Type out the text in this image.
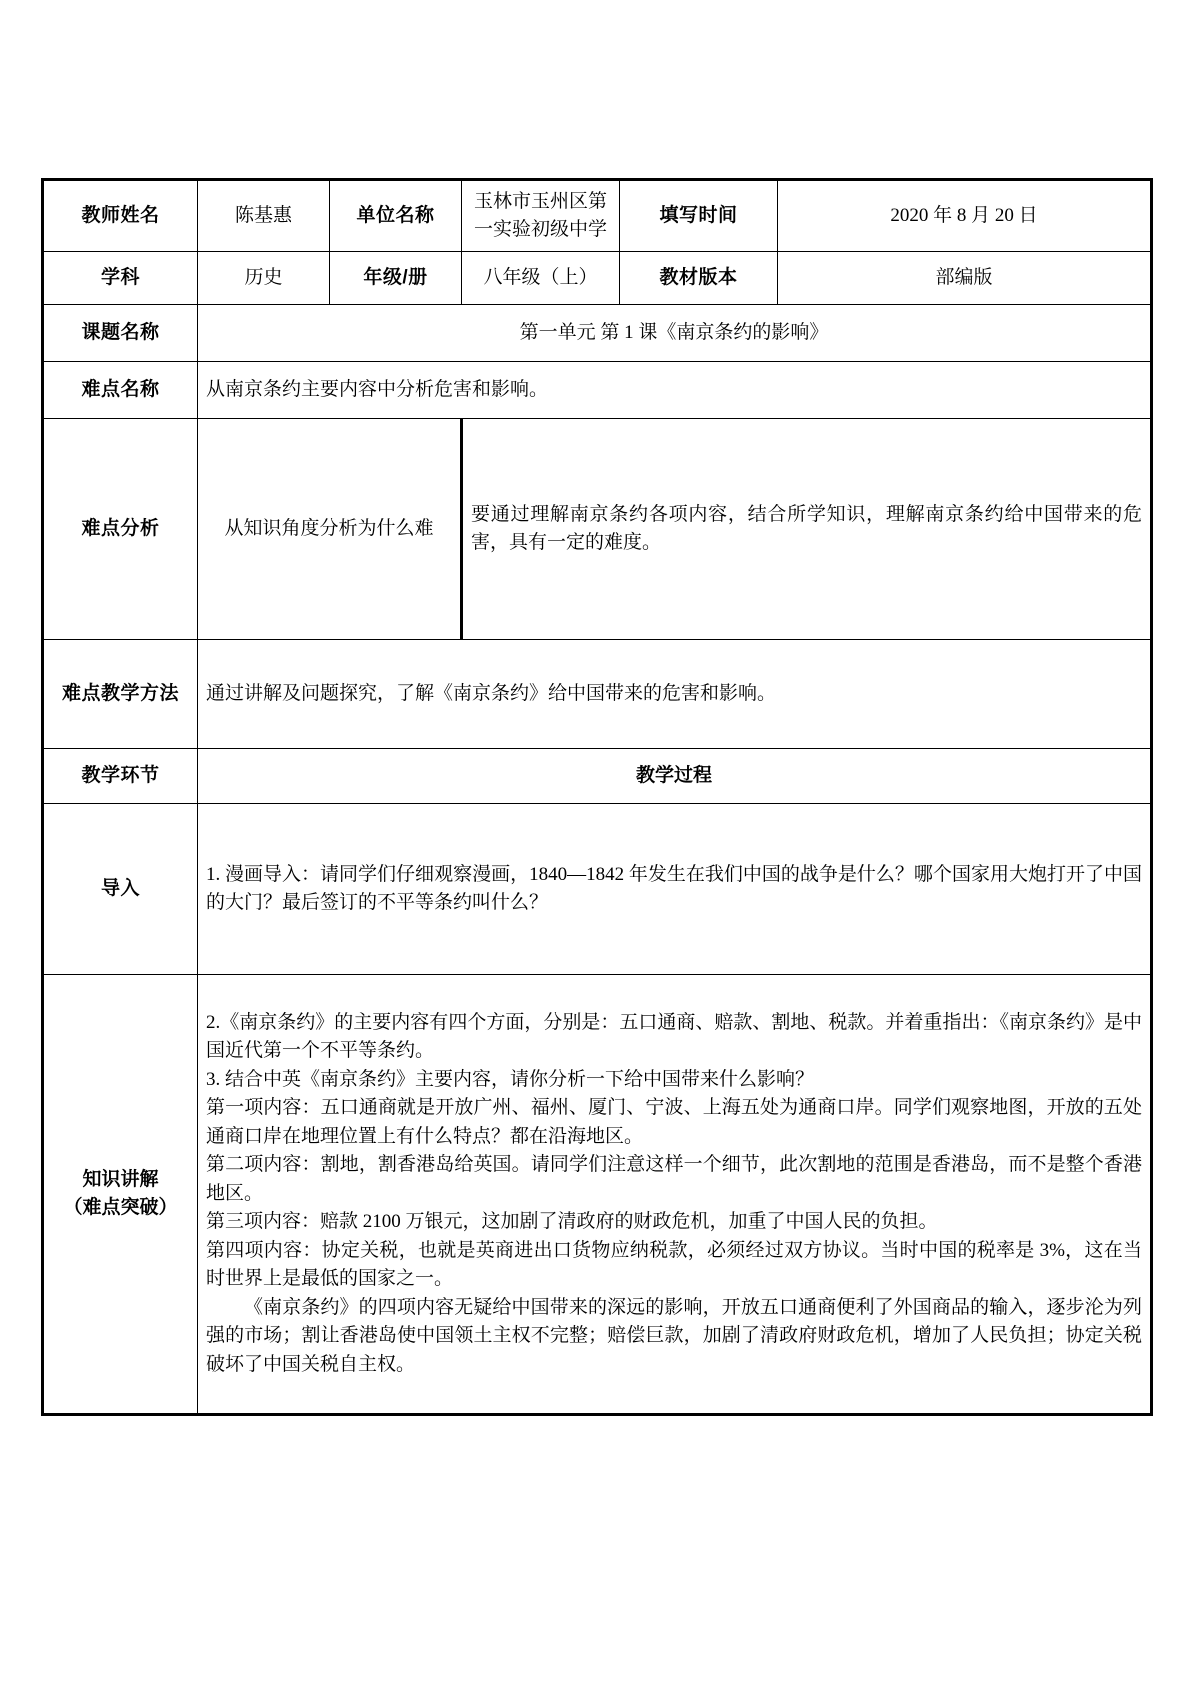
教师姓名	陈基惠	单位名称	玉林市玉州区第一实验初级中学	填写时间	2020 年 8 月 20 日
学科	历史	年级/册	八年级（上）	教材版本	部编版
课题名称	第一单元 第 1 课《南京条约的影响》				
难点名称	从南京条约主要内容中分析危害和影响。				
难点分析	从知识角度分析为什么难		要通过理解南京条约各项内容，结合所学知识，理解南京条约给中国带来的危害，具有一定的难度。		
难点教学方法	通过讲解及问题探究，了解《南京条约》给中国带来的危害和影响。				
教学环节	教学过程				
导入	1. 漫画导入：请同学们仔细观察漫画，1840—1842 年发生在我们中国的战争是什么？哪个国家用大炮打开了中国的大门？最后签订的不平等条约叫什么？				

知识讲解
（难点突破）

2.《南京条约》的主要内容有四个方面，分别是：五口通商、赔款、割地、税款。并着重指出：《南京条约》是中国近代第一个不平等条约。

3. 结合中英《南京条约》主要内容，请你分析一下给中国带来什么影响？

第一项内容：五口通商就是开放广州、福州、厦门、宁波、上海五处为通商口岸。同学们观察地图，开放的五处通商口岸在地理位置上有什么特点？都在沿海地区。

第二项内容：割地，割香港岛给英国。请同学们注意这样一个细节，此次割地的范围是香港岛，而不是整个香港地区。

第三项内容：赔款 2100 万银元，这加剧了清政府的财政危机，加重了中国人民的负担。

第四项内容：协定关税，也就是英商进出口货物应纳税款，必须经过双方协议。当时中国的税率是 3%，这在当时世界上是最低的国家之一。

《南京条约》的四项内容无疑给中国带来的深远的影响，开放五口通商便利了外国商品的输入，逐步沦为列强的市场；割让香港岛使中国领土主权不完整；赔偿巨款，加剧了清政府财政危机，增加了人民负担；协定关税破坏了中国关税自主权。
